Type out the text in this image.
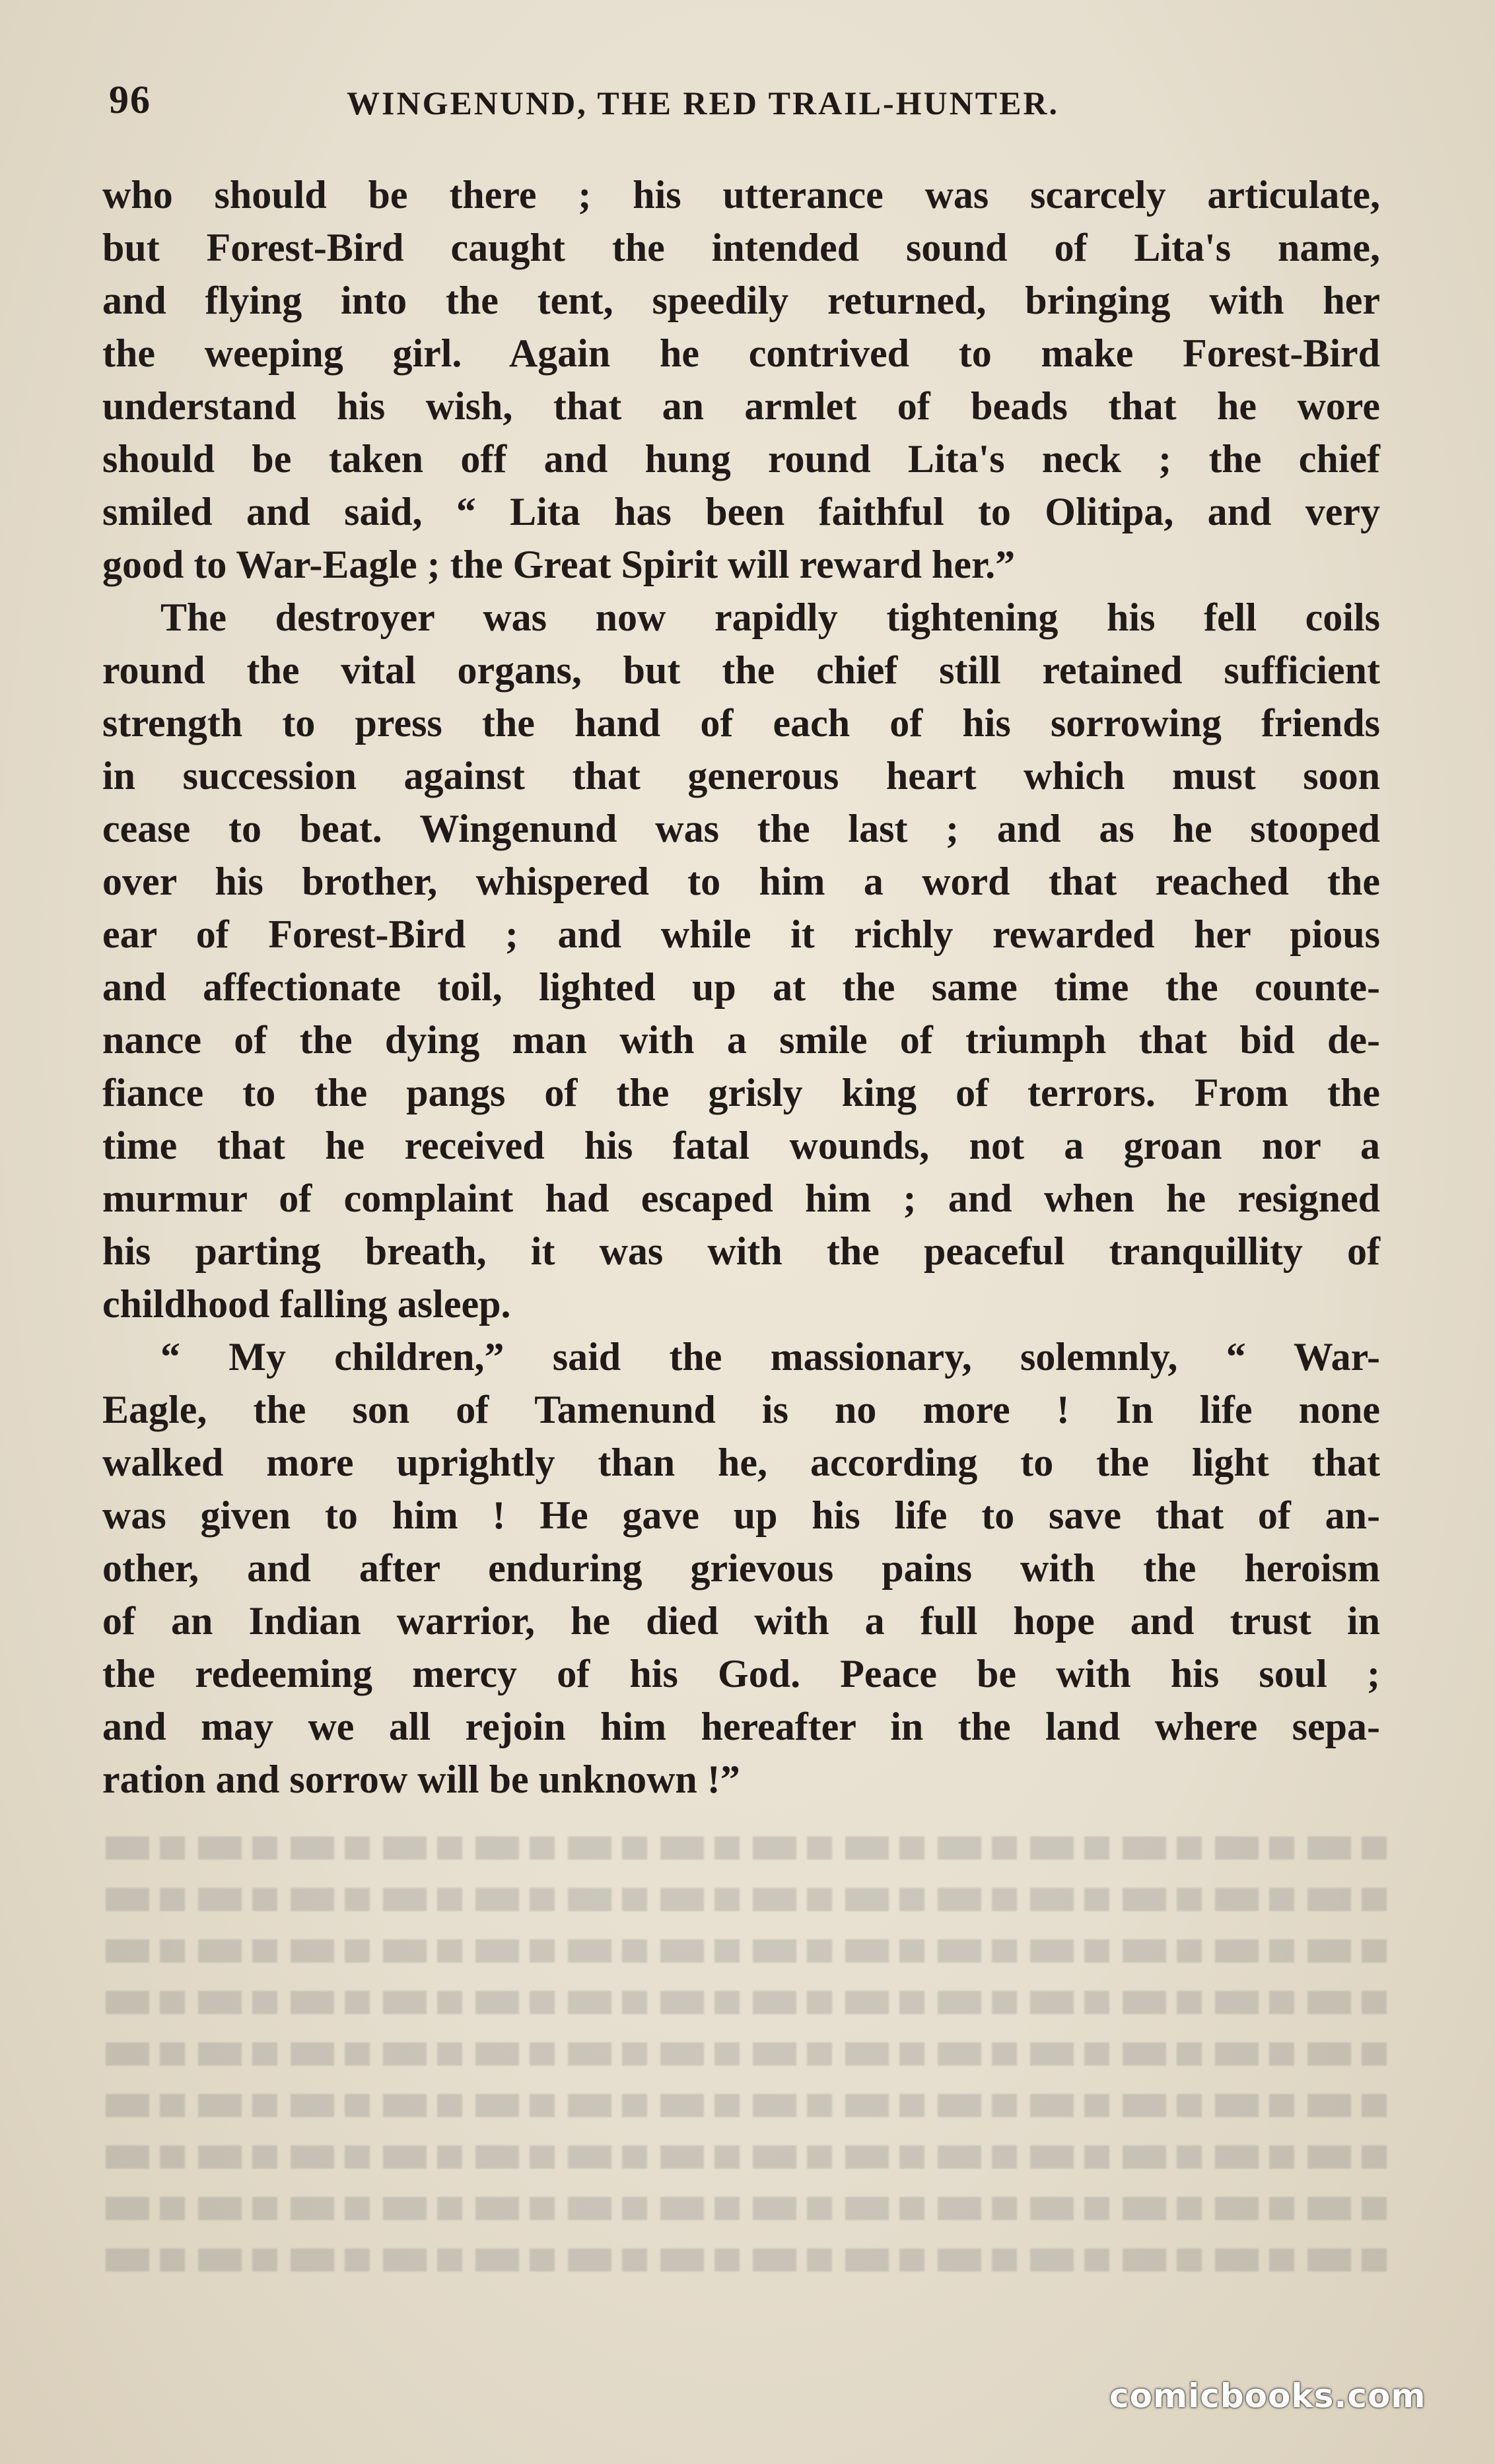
96	WINGENUND, THE RED TRAIL-HUNTER.
who should be there ; his utterance was scarcely articulate,
but Forest-Bird caught the intended sound of Lita's name,
and flying into the tent, speedily returned, bringing with her
the weeping girl. Again he contrived to make Forest-Bird
understand his wish, that an armlet of beads that he wore
should be taken off and hung round Lita's neck ; the chief
smiled and said, “ Lita has been faithful to Olitipa, and very
good to War-Eagle ; the Great Spirit will reward her.”
The destroyer was now rapidly tightening his fell coils
round the vital organs, but the chief still retained sufficient
strength to press the hand of each of his sorrowing friends
in succession against that generous heart which must soon
cease to beat. Wingenund was the last ; and as he stooped
over his brother, whispered to him a word that reached the
ear of Forest-Bird ; and while it richly rewarded her pious
and affectionate toil, lighted up at the same time the counte-
nance of the dying man with a smile of triumph that bid de-
fiance to the pangs of the grisly king of terrors. From the
time that he received his fatal wounds, not a groan nor a
murmur of complaint had escaped him ; and when he resigned
his parting breath, it was with the peaceful tranquillity of
childhood falling asleep.
“ My children,” said the massionary, solemnly, “ War-
Eagle, the son of Tamenund is no more ! In life none
walked more uprightly than he, according to the light that
was given to him ! He gave up his life to save that of an-
other, and after enduring grievous pains with the heroism
of an Indian warrior, he died with a full hope and trust in
the redeeming mercy of his God. Peace be with his soul ;
and may we all rejoin him hereafter in the land where sepa-
ration and sorrow will be unknown !”
comicbooks.com
